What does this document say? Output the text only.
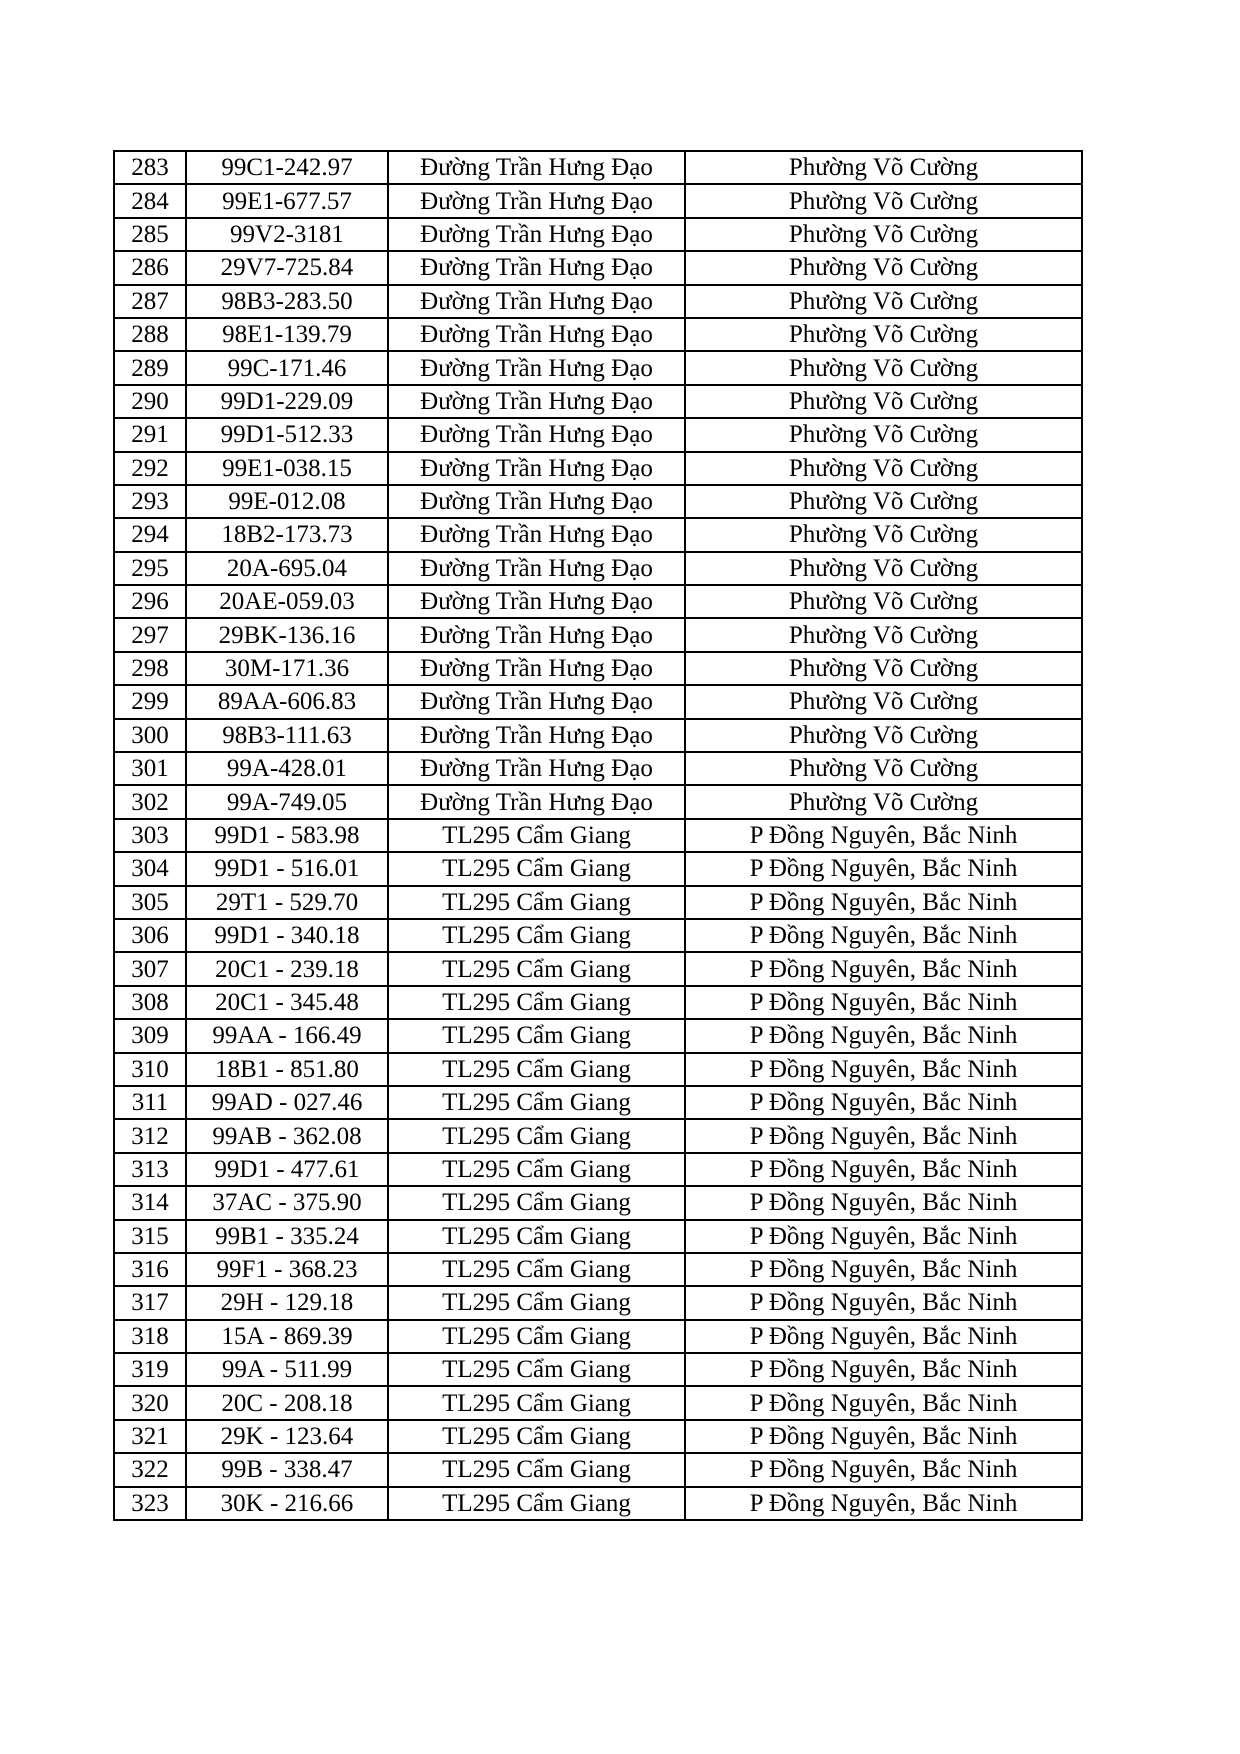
283	99C1-242.97	Đường Trần Hưng Đạo	Phường Võ Cường
284	99E1-677.57	Đường Trần Hưng Đạo	Phường Võ Cường
285	99V2-3181	Đường Trần Hưng Đạo	Phường Võ Cường
286	29V7-725.84	Đường Trần Hưng Đạo	Phường Võ Cường
287	98B3-283.50	Đường Trần Hưng Đạo	Phường Võ Cường
288	98E1-139.79	Đường Trần Hưng Đạo	Phường Võ Cường
289	99C-171.46	Đường Trần Hưng Đạo	Phường Võ Cường
290	99D1-229.09	Đường Trần Hưng Đạo	Phường Võ Cường
291	99D1-512.33	Đường Trần Hưng Đạo	Phường Võ Cường
292	99E1-038.15	Đường Trần Hưng Đạo	Phường Võ Cường
293	99E-012.08	Đường Trần Hưng Đạo	Phường Võ Cường
294	18B2-173.73	Đường Trần Hưng Đạo	Phường Võ Cường
295	20A-695.04	Đường Trần Hưng Đạo	Phường Võ Cường
296	20AE-059.03	Đường Trần Hưng Đạo	Phường Võ Cường
297	29BK-136.16	Đường Trần Hưng Đạo	Phường Võ Cường
298	30M-171.36	Đường Trần Hưng Đạo	Phường Võ Cường
299	89AA-606.83	Đường Trần Hưng Đạo	Phường Võ Cường
300	98B3-111.63	Đường Trần Hưng Đạo	Phường Võ Cường
301	99A-428.01	Đường Trần Hưng Đạo	Phường Võ Cường
302	99A-749.05	Đường Trần Hưng Đạo	Phường Võ Cường
303	99D1 - 583.98	TL295 Cẩm Giang	P Đồng Nguyên, Bắc Ninh
304	99D1 - 516.01	TL295 Cẩm Giang	P Đồng Nguyên, Bắc Ninh
305	29T1 - 529.70	TL295 Cẩm Giang	P Đồng Nguyên, Bắc Ninh
306	99D1 - 340.18	TL295 Cẩm Giang	P Đồng Nguyên, Bắc Ninh
307	20C1 - 239.18	TL295 Cẩm Giang	P Đồng Nguyên, Bắc Ninh
308	20C1 - 345.48	TL295 Cẩm Giang	P Đồng Nguyên, Bắc Ninh
309	99AA - 166.49	TL295 Cẩm Giang	P Đồng Nguyên, Bắc Ninh
310	18B1 - 851.80	TL295 Cẩm Giang	P Đồng Nguyên, Bắc Ninh
311	99AD - 027.46	TL295 Cẩm Giang	P Đồng Nguyên, Bắc Ninh
312	99AB - 362.08	TL295 Cẩm Giang	P Đồng Nguyên, Bắc Ninh
313	99D1 - 477.61	TL295 Cẩm Giang	P Đồng Nguyên, Bắc Ninh
314	37AC - 375.90	TL295 Cẩm Giang	P Đồng Nguyên, Bắc Ninh
315	99B1 - 335.24	TL295 Cẩm Giang	P Đồng Nguyên, Bắc Ninh
316	99F1 - 368.23	TL295 Cẩm Giang	P Đồng Nguyên, Bắc Ninh
317	29H - 129.18	TL295 Cẩm Giang	P Đồng Nguyên, Bắc Ninh
318	15A - 869.39	TL295 Cẩm Giang	P Đồng Nguyên, Bắc Ninh
319	99A - 511.99	TL295 Cẩm Giang	P Đồng Nguyên, Bắc Ninh
320	20C - 208.18	TL295 Cẩm Giang	P Đồng Nguyên, Bắc Ninh
321	29K - 123.64	TL295 Cẩm Giang	P Đồng Nguyên, Bắc Ninh
322	99B - 338.47	TL295 Cẩm Giang	P Đồng Nguyên, Bắc Ninh
323	30K - 216.66	TL295 Cẩm Giang	P Đồng Nguyên, Bắc Ninh
